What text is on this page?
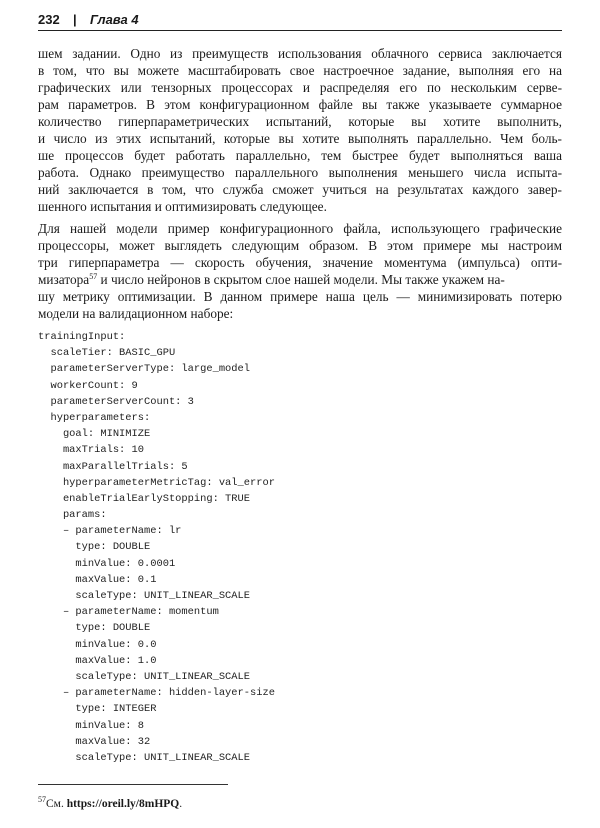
232 | Глава 4
шем задании. Одно из преимуществ использования облачного сервиса заключается
в том, что вы можете масштабировать свое настроечное задание, выполняя его на
графических или тензорных процессорах и распределяя его по нескольким серве-
рам параметров. В этом конфигурационном файле вы также указываете суммарное
количество гиперпараметрических испытаний, которые вы хотите выполнить,
и число из этих испытаний, которые вы хотите выполнять параллельно. Чем боль-
ше процессов будет работать параллельно, тем быстрее будет выполняться ваша
работа. Однако преимущество параллельного выполнения меньшего числа испыта-
ний заключается в том, что служба сможет учиться на результатах каждого завер-
шенного испытания и оптимизировать следующее.
Для нашей модели пример конфигурационного файла, использующего графические
процессоры, может выглядеть следующим образом. В этом примере мы настроим
три гиперпараметра — скорость обучения, значение моментума (импульса) опти-
мизатора$^{57}$ и число нейронов в скрытом слое нашей модели. Мы также укажем на-
шу метрику оптимизации. В данном примере наша цель — минимизировать потерю
модели на валидационном наборе:
trainingInput:
scaleTier: BASIC_GPU
parameterServerType: large_model
workerCount: 9
parameterServerCount: 3
hyperparameters:
goal: MINIMIZE
maxTrials: 10
maxParallelTrials: 5
hyperparameterMetricTag: val_error
enableTrialEarlyStopping: TRUE
params:
– parameterName: lr
type: DOUBLE
minValue: 0.0001
maxValue: 0.1
scaleType: UNIT_LINEAR_SCALE
– parameterName: momentum
type: DOUBLE
minValue: 0.0
maxValue: 1.0
scaleType: UNIT_LINEAR_SCALE
– parameterName: hidden-layer-size
type: INTEGER
minValue: 8
maxValue: 32
scaleType: UNIT_LINEAR_SCALE
$^{57}$См. https://oreil.ly/8mHPQ.
